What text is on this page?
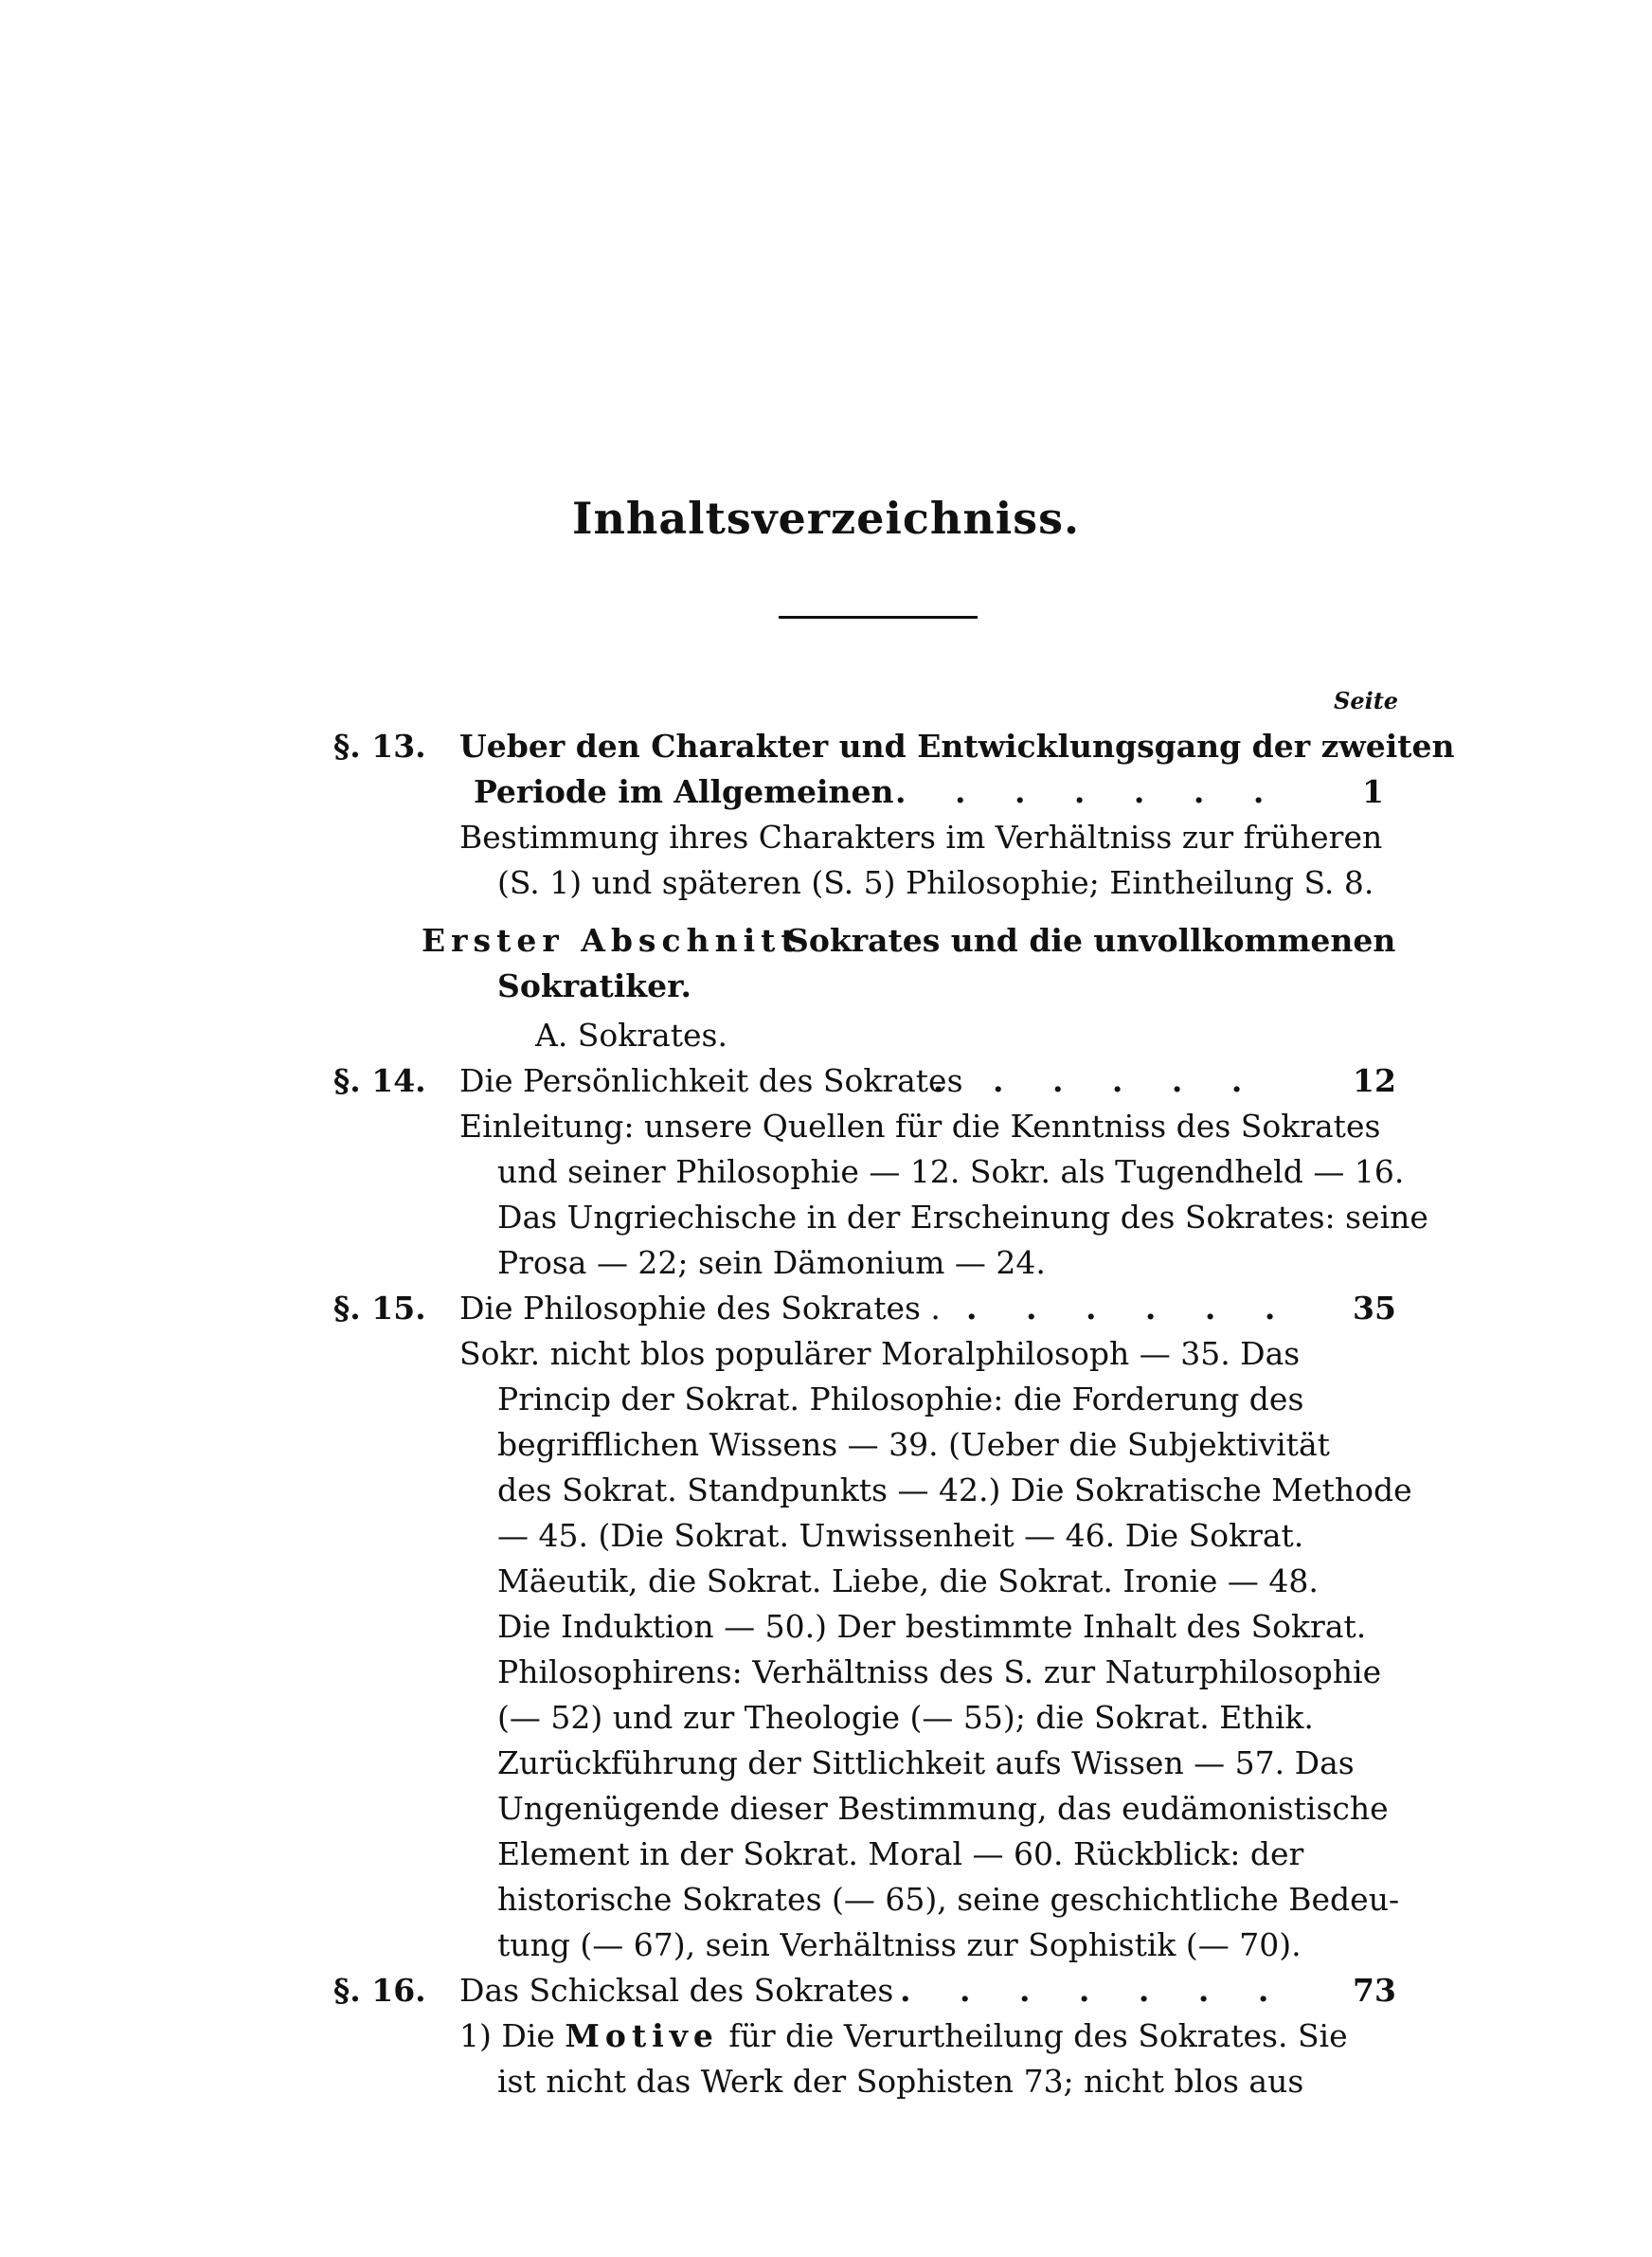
Inhaltsverzeichniss.
Seite
§. 13. Ueber den Charakter und Entwicklungsgang der zweiten
Periode im Allgemeinen . . . . . . .	1
Bestimmung ihres Charakters im Verhältniss zur früheren
(S. 1) und späteren (S. 5) Philosophie; Eintheilung S. 8.
Erster Abschnitt
Sokrates und die unvollkommenen
Sokratiker.
A. Sokrates.
§. 14. Die Persönlichkeit des Sokrates
. . . . . .	12
Einleitung: unsere Quellen für die Kenntniss des Sokrates
und seiner Philosophie — 12. Sokr. als Tugendheld — 16.
Das Ungriechische in der Erscheinung des Sokrates: seine
Prosa — 22; sein Dämonium — 24.
§. 15. Die Philosophie des Sokrates . . . . . . . 35
Sokr. nicht blos populärer Moralphilosoph — 35. Das
Princip der Sokrat. Philosophie: die Forderung des
begrifflichen Wissens — 39. (Ueber die Subjektivität
des Sokrat. Standpunkts — 42.) Die Sokratische Methode
— 45. (Die Sokrat. Unwissenheit — 46. Die Sokrat.
Mäeutik, die Sokrat. Liebe, die Sokrat. Ironie — 48.
Die Induktion — 50.) Der bestimmte Inhalt des Sokrat.
Philosophirens: Verhältniss des S. zur Naturphilosophie
(— 52) und zur Theologie (— 55); die Sokrat. Ethik.
Zurückführung der Sittlichkeit aufs Wissen — 57. Das
Ungenügende dieser Bestimmung, das eudämonistische
Element in der Sokrat. Moral — 60. Rückblick: der
historische Sokrates (— 65), seine geschichtliche Bedeu-
tung (— 67), sein Verhältniss zur Sophistik (— 70).
§. 16. Das Schicksal des Sokrates . . . . . . . 73
1) Die Motive für die Verurtheilung des Sokrates. Sie
ist nicht das Werk der Sophisten 73; nicht blos aus
